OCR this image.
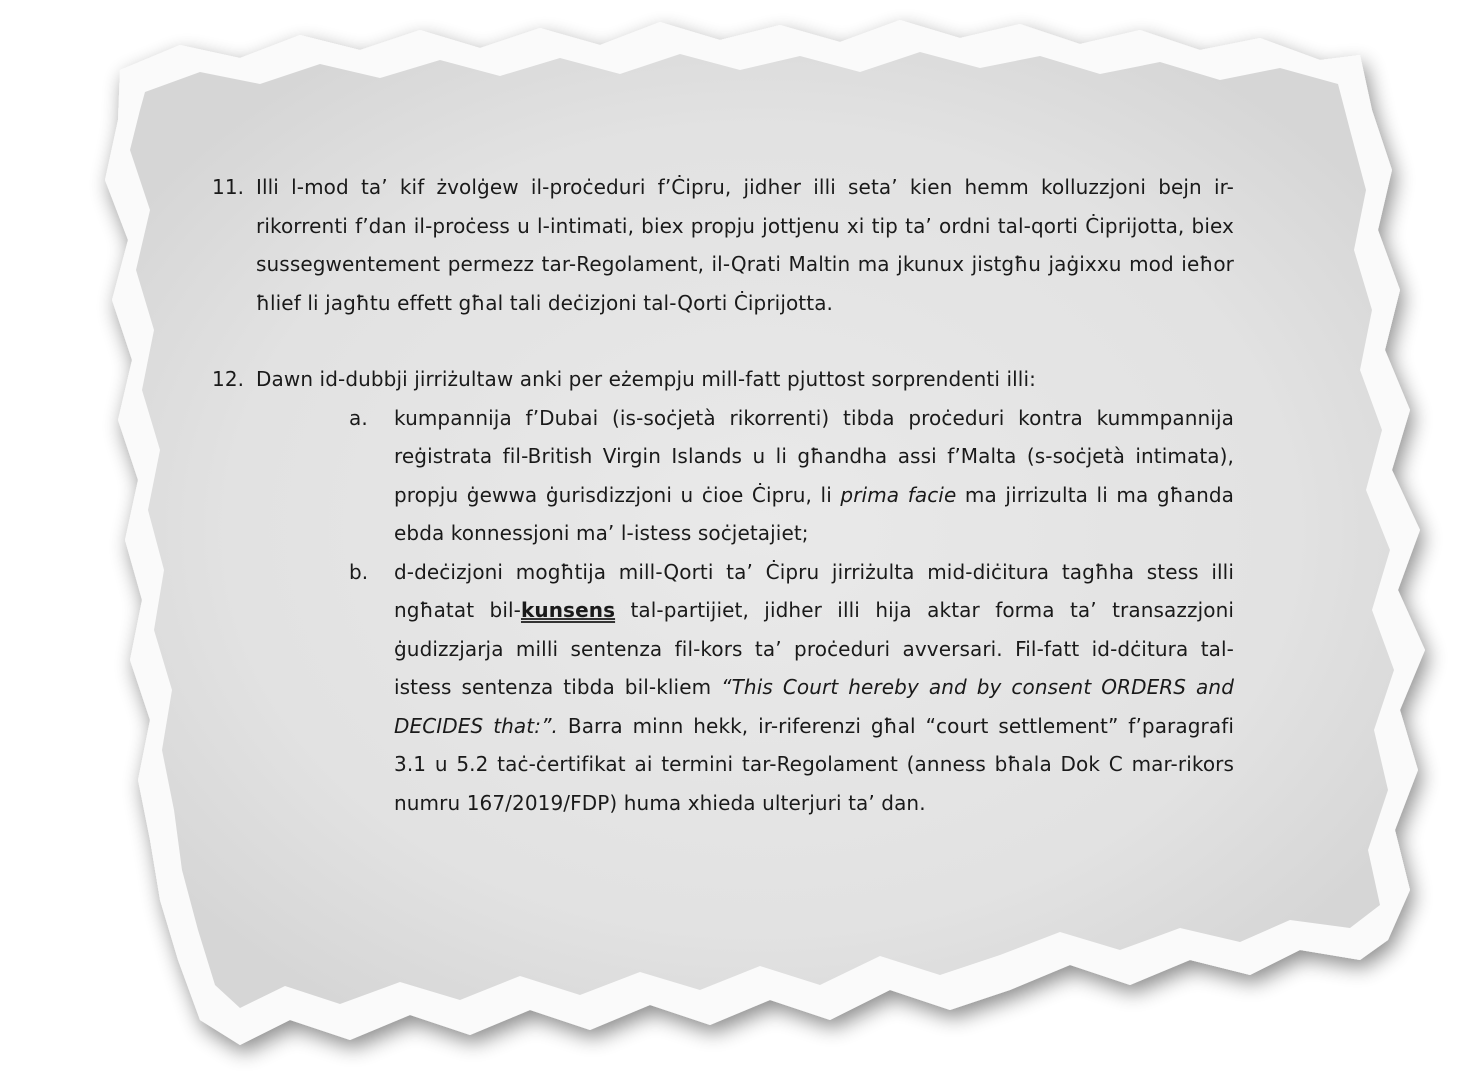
11. Illi l-mod ta’ kif żvolġew il-proċeduri f’Ċipru, jidher illi seta’ kien hemm kolluzzjoni bejn ir-rikorrenti f’dan il-proċess u l-intimati, biex propju jottjenu xi tip ta’ ordni tal-qorti Ċiprijotta, biex sussegwentement permezz tar-Regolament, il-Qrati Maltin ma jkunux jistgħu jaġixxu mod ieħor ħlief li jagħtu effett għal tali deċizjoni tal-Qorti Ċiprijotta.
12. Dawn id-dubbji jirriżultaw anki per eżempju mill-fatt pjuttost sorprendenti illi:
a.	kumpannija f’Dubai (is-soċjetà rikorrenti) tibda proċeduri kontra kummpannija reġistrata fil-British Virgin Islands u li għandha assi f’Malta (s-soċjetà intimata), propju ġewwa ġurisdizzjoni u ċioe Ċipru, li prima facie ma jirrizulta li ma għanda ebda konnessjoni ma’ l-istess soċjetajiet;
b.	d-deċizjoni mogħtija mill-Qorti ta’ Ċipru jirriżulta mid-diċitura tagħha stess illi ngħatat bil-kunsens tal-partijiet, jidher illi hija aktar forma ta’ transazzjoni ġudizzjarja milli sentenza fil-kors ta’ proċeduri avversari. Fil-fatt id-dċitura tal-istess sentenza tibda bil-kliem “This Court hereby and by consent ORDERS and DECIDES that:”. Barra minn hekk, ir-riferenzi għal “court settlement” f’paragrafi 3.1 u 5.2 taċ-ċertifikat ai termini tar-Regolament (anness bħala Dok C mar-rikors numru 167/2019/FDP) huma xhieda ulterjuri ta’ dan.
